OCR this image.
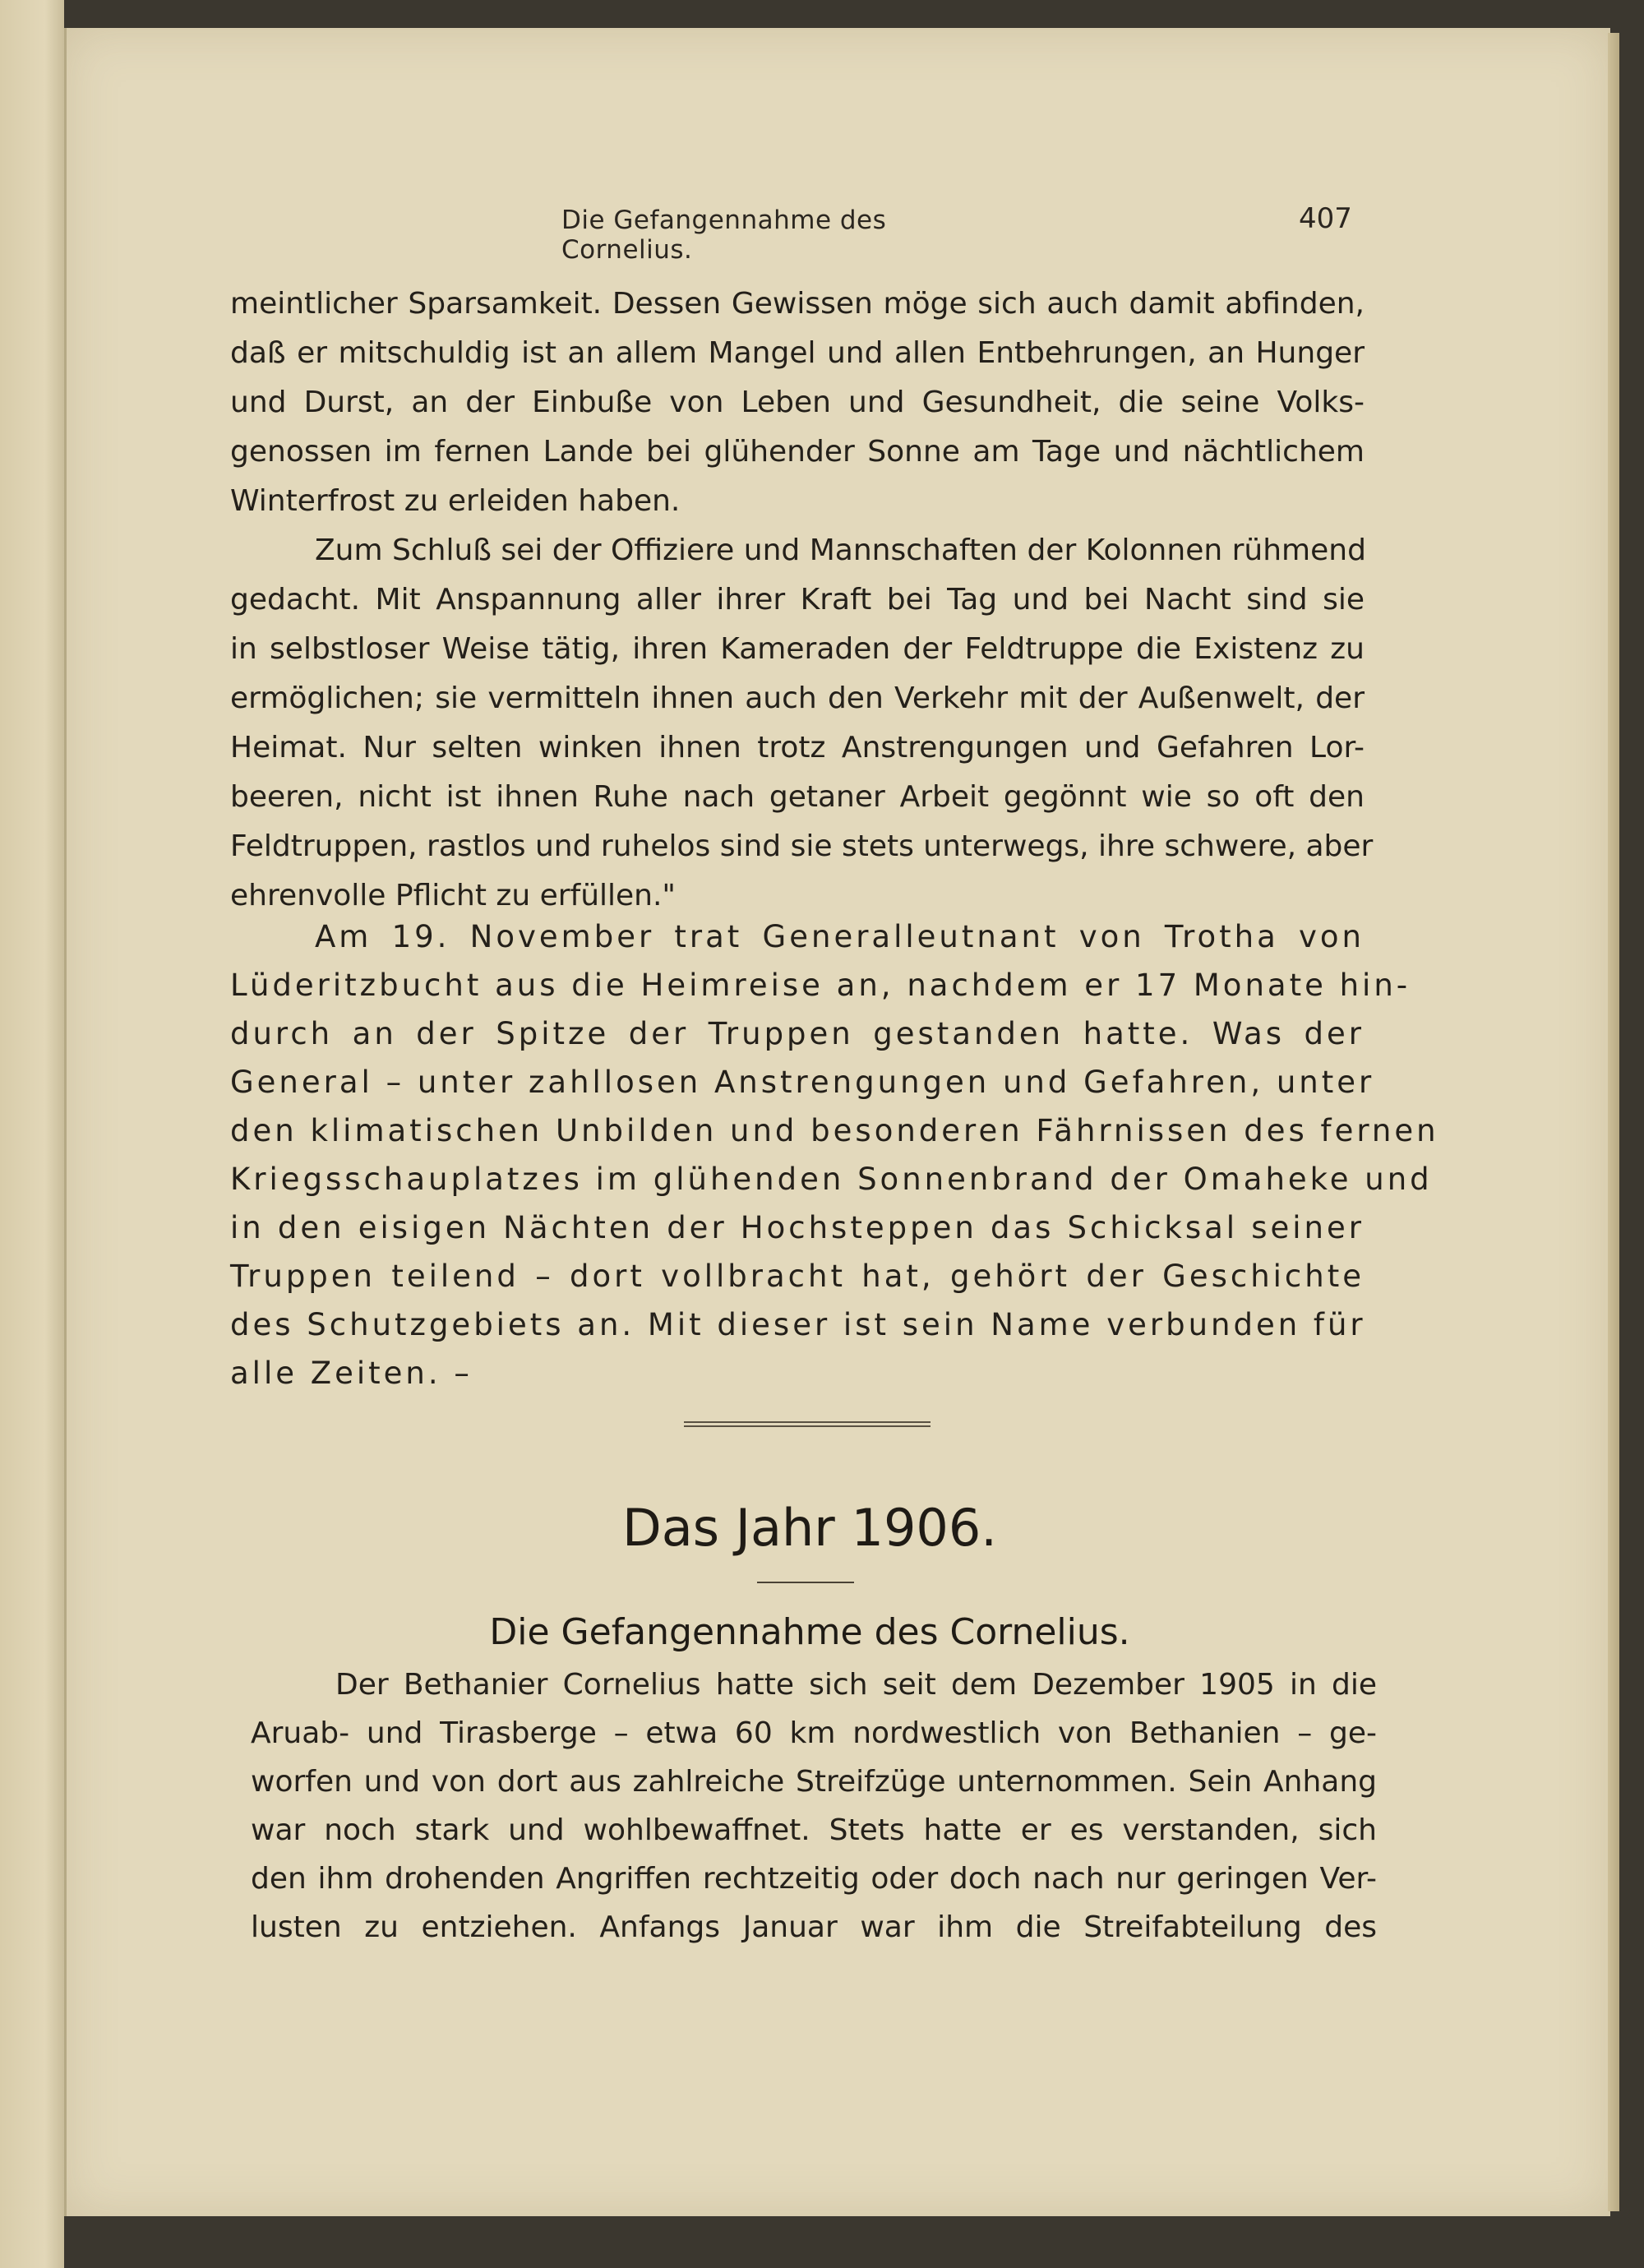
Die Gefangennahme des Cornelius.
407
meintlicher Sparsamkeit. Dessen Gewissen möge sich auch damit abfinden,
daß er mitschuldig ist an allem Mangel und allen Entbehrungen, an Hunger
und Durst, an der Einbuße von Leben und Gesundheit, die seine Volks-
genossen im fernen Lande bei glühender Sonne am Tage und nächtlichem
Winterfrost zu erleiden haben.
Zum Schluß sei der Offiziere und Mannschaften der Kolonnen rühmend
gedacht. Mit Anspannung aller ihrer Kraft bei Tag und bei Nacht sind sie
in selbstloser Weise tätig, ihren Kameraden der Feldtruppe die Existenz zu
ermöglichen; sie vermitteln ihnen auch den Verkehr mit der Außenwelt, der
Heimat. Nur selten winken ihnen trotz Anstrengungen und Gefahren Lor-
beeren, nicht ist ihnen Ruhe nach getaner Arbeit gegönnt wie so oft den
Feldtruppen, rastlos und ruhelos sind sie stets unterwegs, ihre schwere, aber
ehrenvolle Pflicht zu erfüllen."
Am 19. November trat Generalleutnant von Trotha von
Lüderitzbucht aus die Heimreise an, nachdem er 17 Monate hin-
durch an der Spitze der Truppen gestanden hatte. Was der
General – unter zahllosen Anstrengungen und Gefahren, unter
den klimatischen Unbilden und besonderen Fährnissen des fernen
Kriegsschauplatzes im glühenden Sonnenbrand der Omaheke und
in den eisigen Nächten der Hochsteppen das Schicksal seiner
Truppen teilend – dort vollbracht hat, gehört der Geschichte
des Schutzgebiets an. Mit dieser ist sein Name verbunden für
alle Zeiten. –
Das Jahr 1906.
Die Gefangennahme des Cornelius.
Der Bethanier Cornelius hatte sich seit dem Dezember 1905 in die
Aruab- und Tirasberge – etwa 60 km nordwestlich von Bethanien – ge-
worfen und von dort aus zahlreiche Streifzüge unternommen. Sein Anhang
war noch stark und wohlbewaffnet. Stets hatte er es verstanden, sich
den ihm drohenden Angriffen rechtzeitig oder doch nach nur geringen Ver-
lusten zu entziehen. Anfangs Januar war ihm die Streifabteilung des
